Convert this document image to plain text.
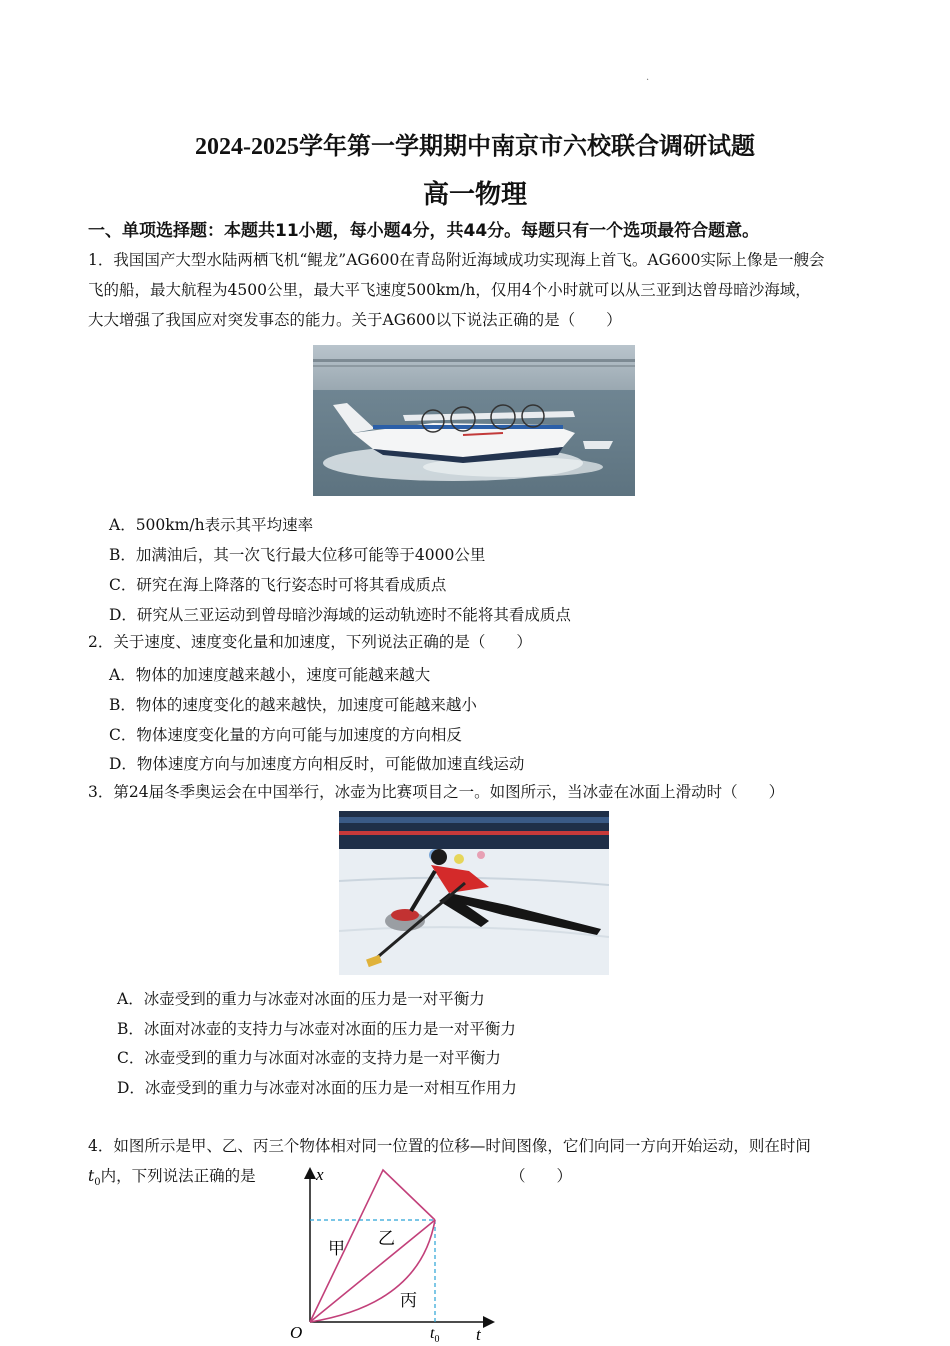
.
2024-2025学年第一学期期中南京市六校联合调研试题
高一物理
一、单项选择题：本题共11小题，每小题4分，共44分。每题只有一个选项最符合题意。
1．我国国产大型水陆两栖飞机“鲲龙”AG600在青岛附近海域成功实现海上首飞。AG600实际上像是一艘会
飞的船，最大航程为4500公里，最大平飞速度500km/h，仅用4个小时就可以从三亚到达曾母暗沙海域，
大大增强了我国应对突发事态的能力。关于AG600以下说法正确的是（　　）
A．500km/h表示其平均速率
B．加满油后，其一次飞行最大位移可能等于4000公里
C．研究在海上降落的飞行姿态时可将其看成质点
D．研究从三亚运动到曾母暗沙海域的运动轨迹时不能将其看成质点
2．关于速度、速度变化量和加速度，下列说法正确的是（　　）
A．物体的加速度越来越小，速度可能越来越大
B．物体的速度变化的越来越快，加速度可能越来越小
C．物体速度变化量的方向可能与加速度的方向相反
D．物体速度方向与加速度方向相反时，可能做加速直线运动
3．第24届冬季奥运会在中国举行，冰壶为比赛项目之一。如图所示，当冰壶在冰面上滑动时（　　）
A．冰壶受到的重力与冰壶对冰面的压力是一对平衡力
B．冰面对冰壶的支持力与冰壶对冰面的压力是一对平衡力
C．冰壶受到的重力与冰面对冰壶的支持力是一对平衡力
D．冰壶受到的重力与冰壶对冰面的压力是一对相互作用力
4．如图所示是甲、乙、丙三个物体相对同一位置的位移—时间图像，它们向同一方向开始运动，则在时间
$t_0$内，下列说法正确的是	（　　）
x
t
O	$t_0$
甲 乙
丙
